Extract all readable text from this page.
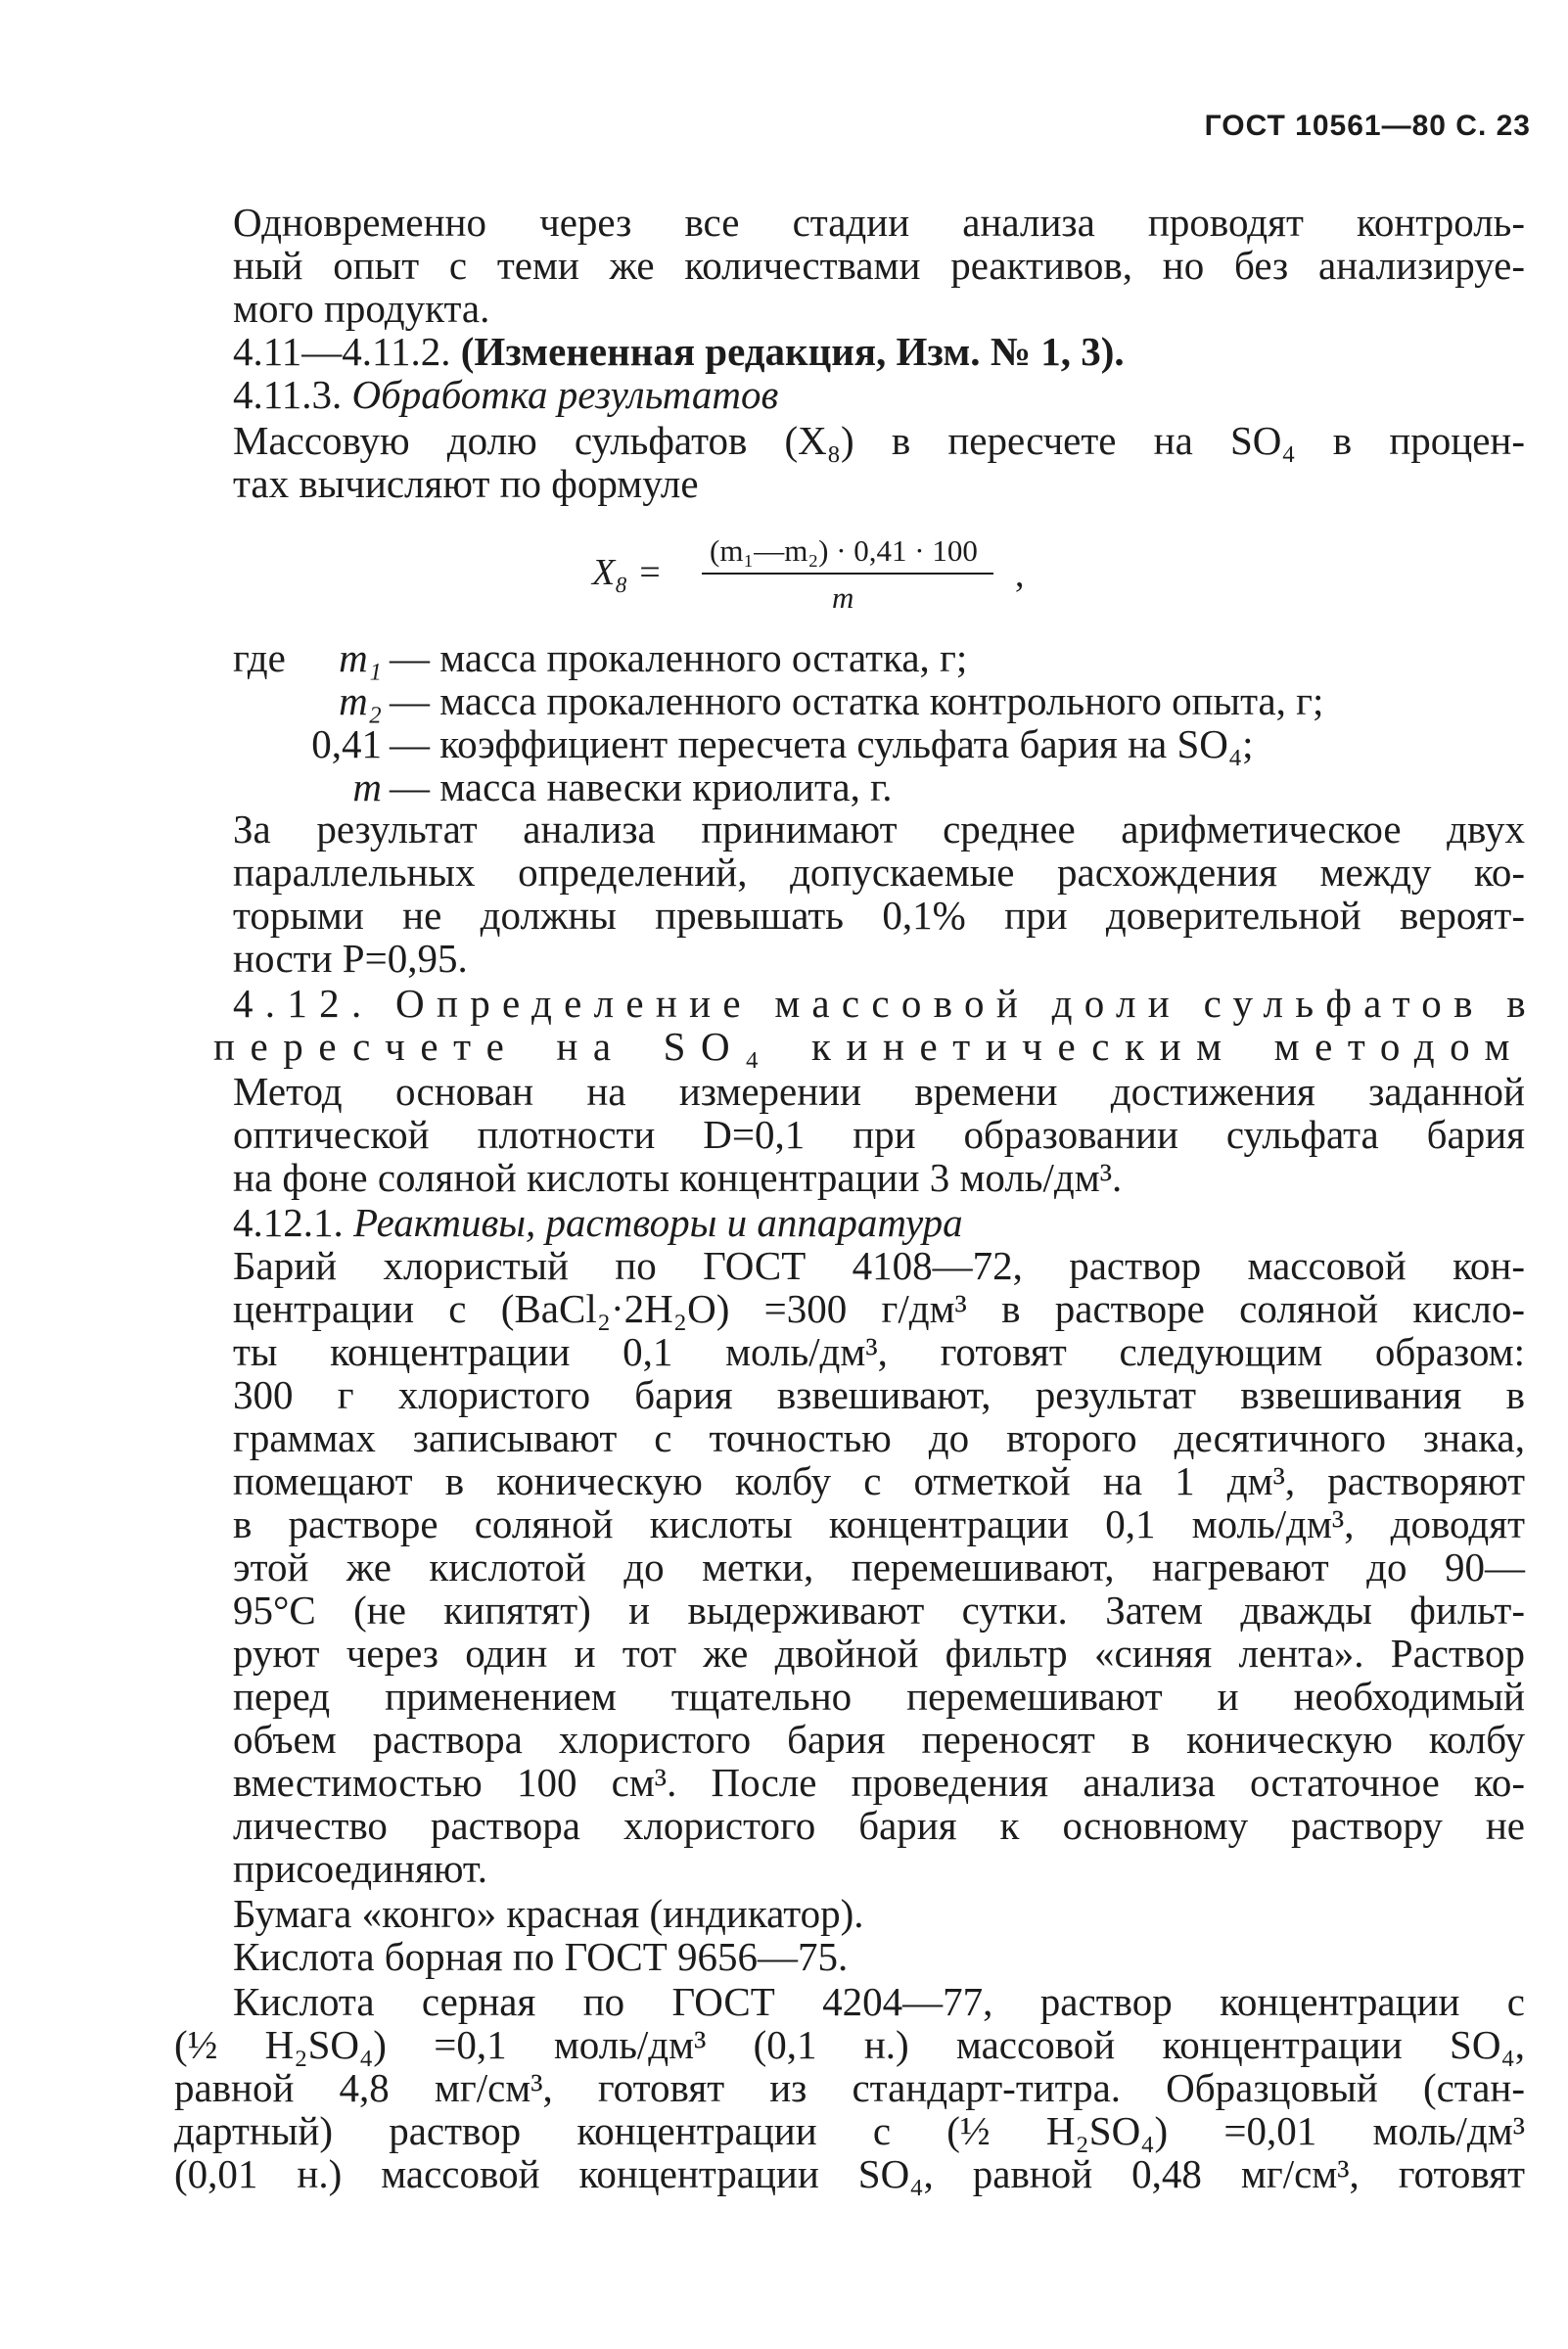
ГОСТ 10561—80 С. 23
Одновременно через все стадии анализа проводят контроль-
ный опыт с теми же количествами реактивов, но без анализируе-
мого продукта.
4.11—4.11.2. (Измененная редакция, Изм. № 1, 3).
4.11.3. Обработка результатов
Массовую долю сульфатов (X₈) в пересчете на SO₄ в процен-
тах вычисляют по формуле
X₈ =
(m₁—m₂) · 0,41 · 100
m
,
где	m₁ — масса прокаленного остатка, г;
m₂ — масса прокаленного остатка контрольного опыта, г;
0,41 — коэффициент пересчета сульфата бария на SO₄;
m — масса навески криолита, г.
За результат анализа принимают среднее арифметическое двух
параллельных определений, допускаемые расхождения между ко-
торыми не должны превышать 0,1% при доверительной вероят-
ности P=0,95.
4.12. Определение массовой доли сульфатов в
пересчете на SO₄ кинетическим методом
Метод основан на измерении времени достижения заданной
оптической плотности D=0,1 при образовании сульфата бария
на фоне соляной кислоты концентрации 3 моль/дм³.
4.12.1. Реактивы, растворы и аппаратура
Барий хлористый по ГОСТ 4108—72, раствор массовой кон-
центрации c (BaCl₂·2H₂O) =300 г/дм³ в растворе соляной кисло-
ты концентрации 0,1 моль/дм³, готовят следующим образом:
300 г хлористого бария взвешивают, результат взвешивания в
граммах записывают с точностью до второго десятичного знака,
помещают в коническую колбу с отметкой на 1 дм³, растворяют
в растворе соляной кислоты концентрации 0,1 моль/дм³, доводят
этой же кислотой до метки, перемешивают, нагревают до 90—
95°С (не кипятят) и выдерживают сутки. Затем дважды фильт-
руют через один и тот же двойной фильтр «синяя лента». Раствор
перед применением тщательно перемешивают и необходимый
объем раствора хлористого бария переносят в коническую колбу
вместимостью 100 см³. После проведения анализа остаточное ко-
личество раствора хлористого бария к основному раствору не
присоединяют.
Бумага «конго» красная (индикатор).
Кислота борная по ГОСТ 9656—75.
Кислота серная по ГОСТ 4204—77, раствор концентрации c
(½ H₂SO₄) =0,1 моль/дм³ (0,1 н.) массовой концентрации SO₄,
равной 4,8 мг/см³, готовят из стандарт-титра. Образцовый (стан-
дартный) раствор концентрации c (½ H₂SO₄) =0,01 моль/дм³
(0,01 н.) массовой концентрации SO₄, равной 0,48 мг/см³, готовят
